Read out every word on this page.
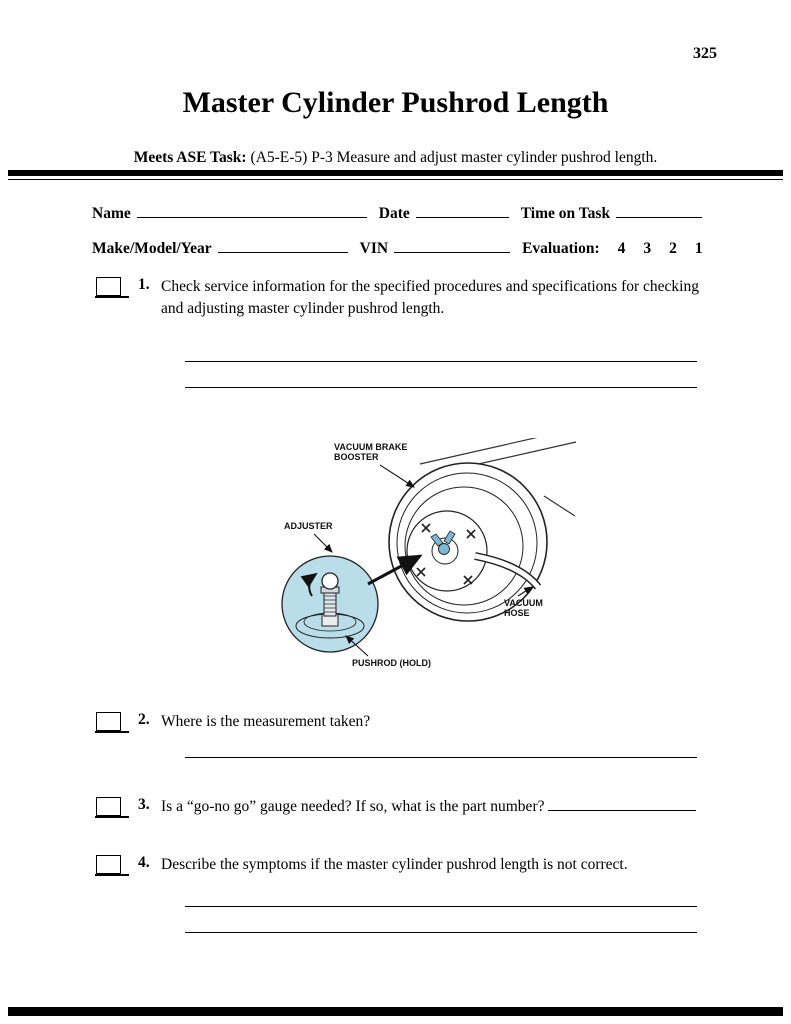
325
Master Cylinder Pushrod Length
Meets ASE Task: (A5-E-5) P-3 Measure and adjust master cylinder pushrod length.
Name	Date	Time on Task
Make/Model/Year	VIN	Evaluation: 4 3 2 1
1. Check service information for the specified procedures and specifications for checking and adjusting master cylinder pushrod length.
VACUUM BRAKE
BOOSTER
ADJUSTER
VACUUM
HOSE
PUSHROD (HOLD)
2. Where is the measurement taken?
3. Is a “go-no go” gauge needed? If so, what is the part number?
4. Describe the symptoms if the master cylinder pushrod length is not correct.
